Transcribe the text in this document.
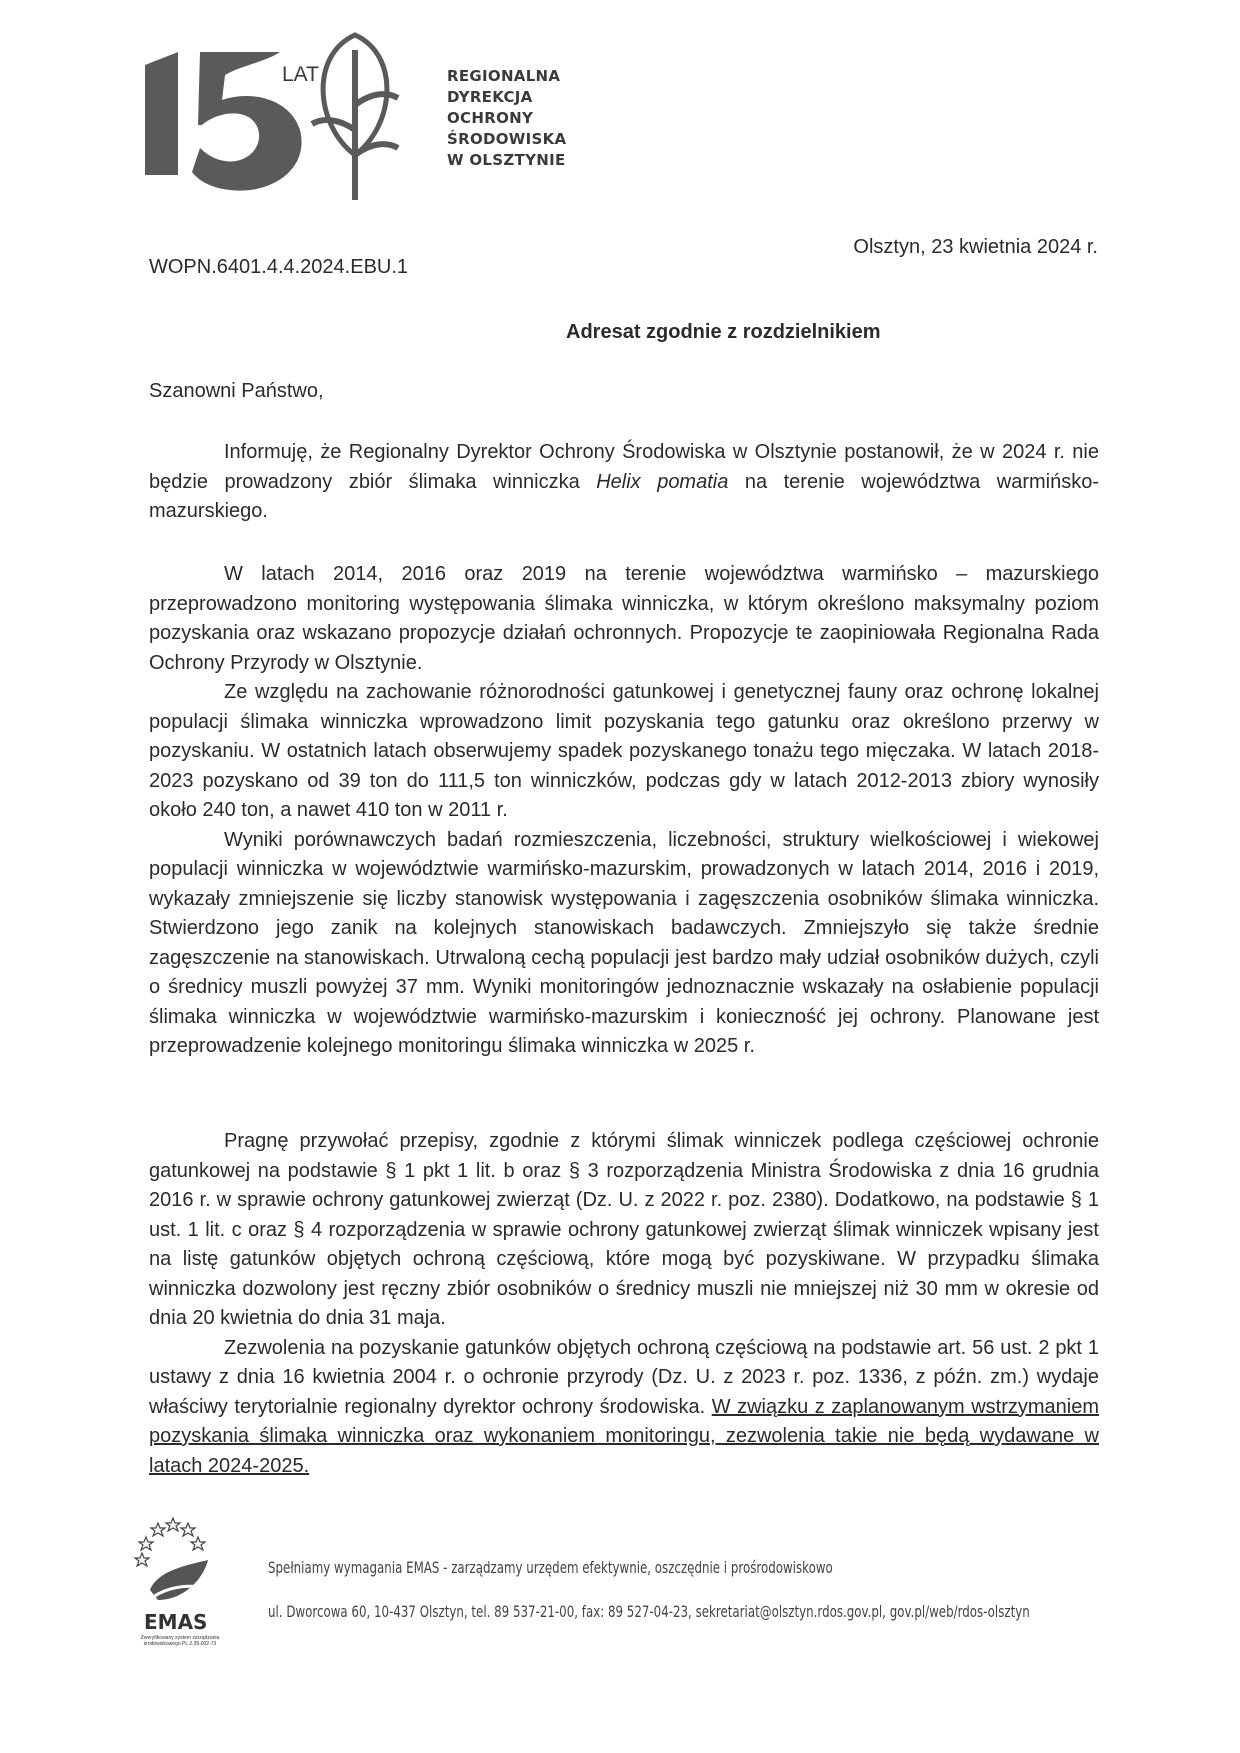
LAT	REGIONALNA
DYREKCJA
OCHRONY
ŚRODOWISKA
W OLSZTYNIE
Olsztyn, 23 kwietnia 2024 r.
WOPN.6401.4.4.2024.EBU.1
Adresat zgodnie z rozdzielnikiem
Szanowni Państwo,

Informuję, że Regionalny Dyrektor Ochrony Środowiska w Olsztynie postanowił, że w 2024 r. nie będzie prowadzony zbiór ślimaka winniczka Helix pomatia na terenie województwa warmińsko-mazurskiego.

W latach 2014, 2016 oraz 2019 na terenie województwa warmińsko – mazurskiego przeprowadzono monitoring występowania ślimaka winniczka, w którym określono maksymalny poziom pozyskania oraz wskazano propozycje działań ochronnych. Propozycje te zaopiniowała Regionalna Rada Ochrony Przyrody w Olsztynie.

Ze względu na zachowanie różnorodności gatunkowej i genetycznej fauny oraz ochronę lokalnej populacji ślimaka winniczka wprowadzono limit pozyskania tego gatunku oraz określono przerwy w pozyskaniu. W ostatnich latach obserwujemy spadek pozyskanego tonażu tego mięczaka. W latach 2018-2023 pozyskano od 39 ton do 111,5 ton winniczków, podczas gdy w latach 2012-2013 zbiory wynosiły około 240 ton, a nawet 410 ton w 2011 r.

Wyniki porównawczych badań rozmieszczenia, liczebności, struktury wielkościowej i wiekowej populacji winniczka w województwie warmińsko-mazurskim, prowadzonych w latach 2014, 2016 i 2019, wykazały zmniejszenie się liczby stanowisk występowania i zagęszczenia osobników ślimaka winniczka. Stwierdzono jego zanik na kolejnych stanowiskach badawczych. Zmniejszyło się także średnie zagęszczenie na stanowiskach. Utrwaloną cechą populacji jest bardzo mały udział osobników dużych, czyli o średnicy muszli powyżej 37 mm. Wyniki monitoringów jednoznacznie wskazały na osłabienie populacji ślimaka winniczka w województwie warmińsko-mazurskim i konieczność jej ochrony. Planowane jest przeprowadzenie kolejnego monitoringu ślimaka winniczka w 2025 r.

Pragnę przywołać przepisy, zgodnie z którymi ślimak winniczek podlega częściowej ochronie gatunkowej na podstawie § 1 pkt 1 lit. b oraz § 3 rozporządzenia Ministra Środowiska z dnia 16 grudnia 2016 r. w sprawie ochrony gatunkowej zwierząt (Dz. U. z 2022 r. poz. 2380). Dodatkowo, na podstawie § 1 ust. 1 lit. c oraz § 4 rozporządzenia w sprawie ochrony gatunkowej zwierząt ślimak winniczek wpisany jest na listę gatunków objętych ochroną częściową, które mogą być pozyskiwane. W przypadku ślimaka winniczka dozwolony jest ręczny zbiór osobników o średnicy muszli nie mniejszej niż 30 mm w okresie od dnia 20 kwietnia do dnia 31 maja.

Zezwolenia na pozyskanie gatunków objętych ochroną częściową na podstawie art. 56 ust. 2 pkt 1 ustawy z dnia 16 kwietnia 2004 r. o ochronie przyrody (Dz. U. z 2023 r. poz. 1336, z późn. zm.) wydaje właściwy terytorialnie regionalny dyrektor ochrony środowiska. W związku z zaplanowanym wstrzymaniem pozyskania ślimaka winniczka oraz wykonaniem monitoringu, zezwolenia takie nie będą wydawane w latach 2024-2025.

EMAS
Zweryfikowany system zarządzania środowiskowego PL 2.28-002-73
Spełniamy wymagania EMAS - zarządzamy urzędem efektywnie, oszczędnie i prośrodowiskowo
ul. Dworcowa 60, 10-437 Olsztyn, tel. 89 537-21-00, fax: 89 527-04-23, sekretariat@olsztyn.rdos.gov.pl, gov.pl/web/rdos-olsztyn
